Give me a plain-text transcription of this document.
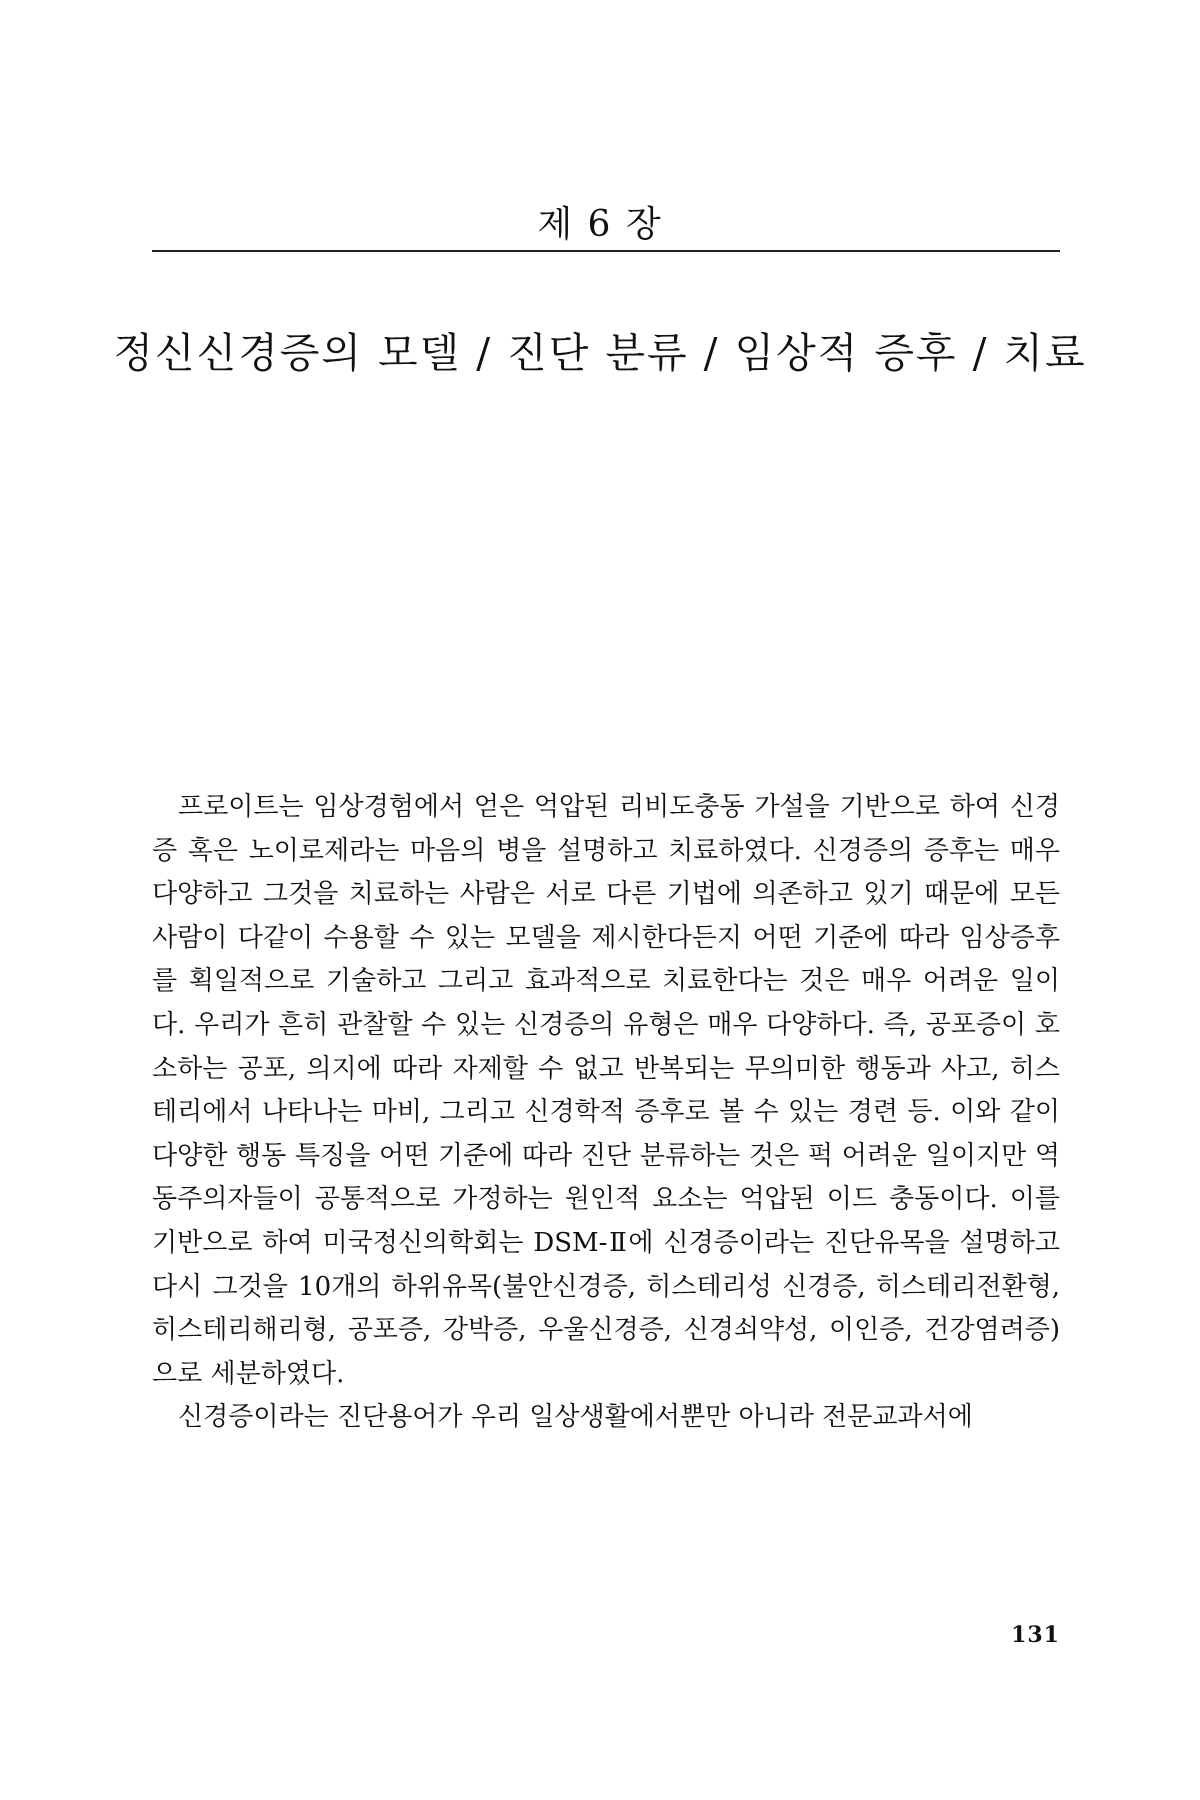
제 6 장
정신신경증의 모델 / 진단 분류 / 임상적 증후 / 치료

프로이트는 임상경험에서 얻은 억압된 리비도충동 가설을 기반으로 하여 신경증 혹은 노이로제라는 마음의 병을 설명하고 치료하였다. 신경증의 증후는 매우 다양하고 그것을 치료하는 사람은 서로 다른 기법에 의존하고 있기 때문에 모든 사람이 다같이 수용할 수 있는 모델을 제시한다든지 어떤 기준에 따라 임상증후를 획일적으로 기술하고 그리고 효과적으로 치료한다는 것은 매우 어려운 일이다. 우리가 흔히 관찰할 수 있는 신경증의 유형은 매우 다양하다. 즉, 공포증이 호소하는 공포, 의지에 따라 자제할 수 없고 반복되는 무의미한 행동과 사고, 히스테리에서 나타나는 마비, 그리고 신경학적 증후로 볼 수 있는 경련 등. 이와 같이 다양한 행동 특징을 어떤 기준에 따라 진단 분류하는 것은 퍽 어려운 일이지만 역동주의자들이 공통적으로 가정하는 원인적 요소는 억압된 이드 충동이다. 이를 기반으로 하여 미국정신의학회는 DSM-Ⅱ에 신경증이라는 진단유목을 설명하고 다시 그것을 10개의 하위유목(불안신경증, 히스테리성 신경증, 히스테리전환형, 히스테리해리형, 공포증, 강박증, 우울신경증, 신경쇠약성, 이인증, 건강염려증)으로 세분하였다.

신경증이라는 진단용어가 우리 일상생활에서뿐만 아니라 전문교과서에

131
